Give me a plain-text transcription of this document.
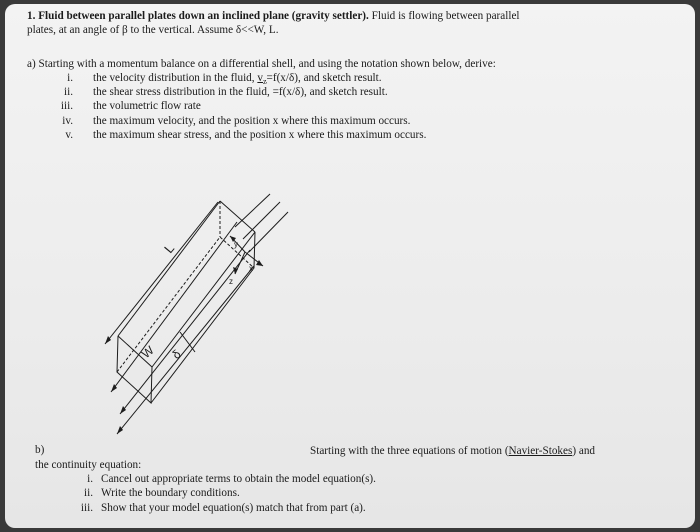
1. Fluid between parallel plates down an inclined plane (gravity settler). Fluid is flowing between parallel
plates, at an angle of β to the vertical. Assume δ<<W, L.
a) Starting with a momentum balance on a differential shell, and using the notation shown below, derive:
i. the velocity distribution in the fluid, $v_z=f(x/\delta)$, and sketch result.
ii. the shear stress distribution in the fluid, =f(x/δ), and sketch result.
iii. the volumetric flow rate
iv. the maximum velocity, and the position x where this maximum occurs.
v. the maximum shear stress, and the position x where this maximum occurs.
L
W δ
y
x
z
b)	Starting with the three equations of motion (Navier-Stokes) and
the continuity equation:
i. Cancel out appropriate terms to obtain the model equation(s).
ii. Write the boundary conditions.
iii. Show that your model equation(s) match that from part (a).
